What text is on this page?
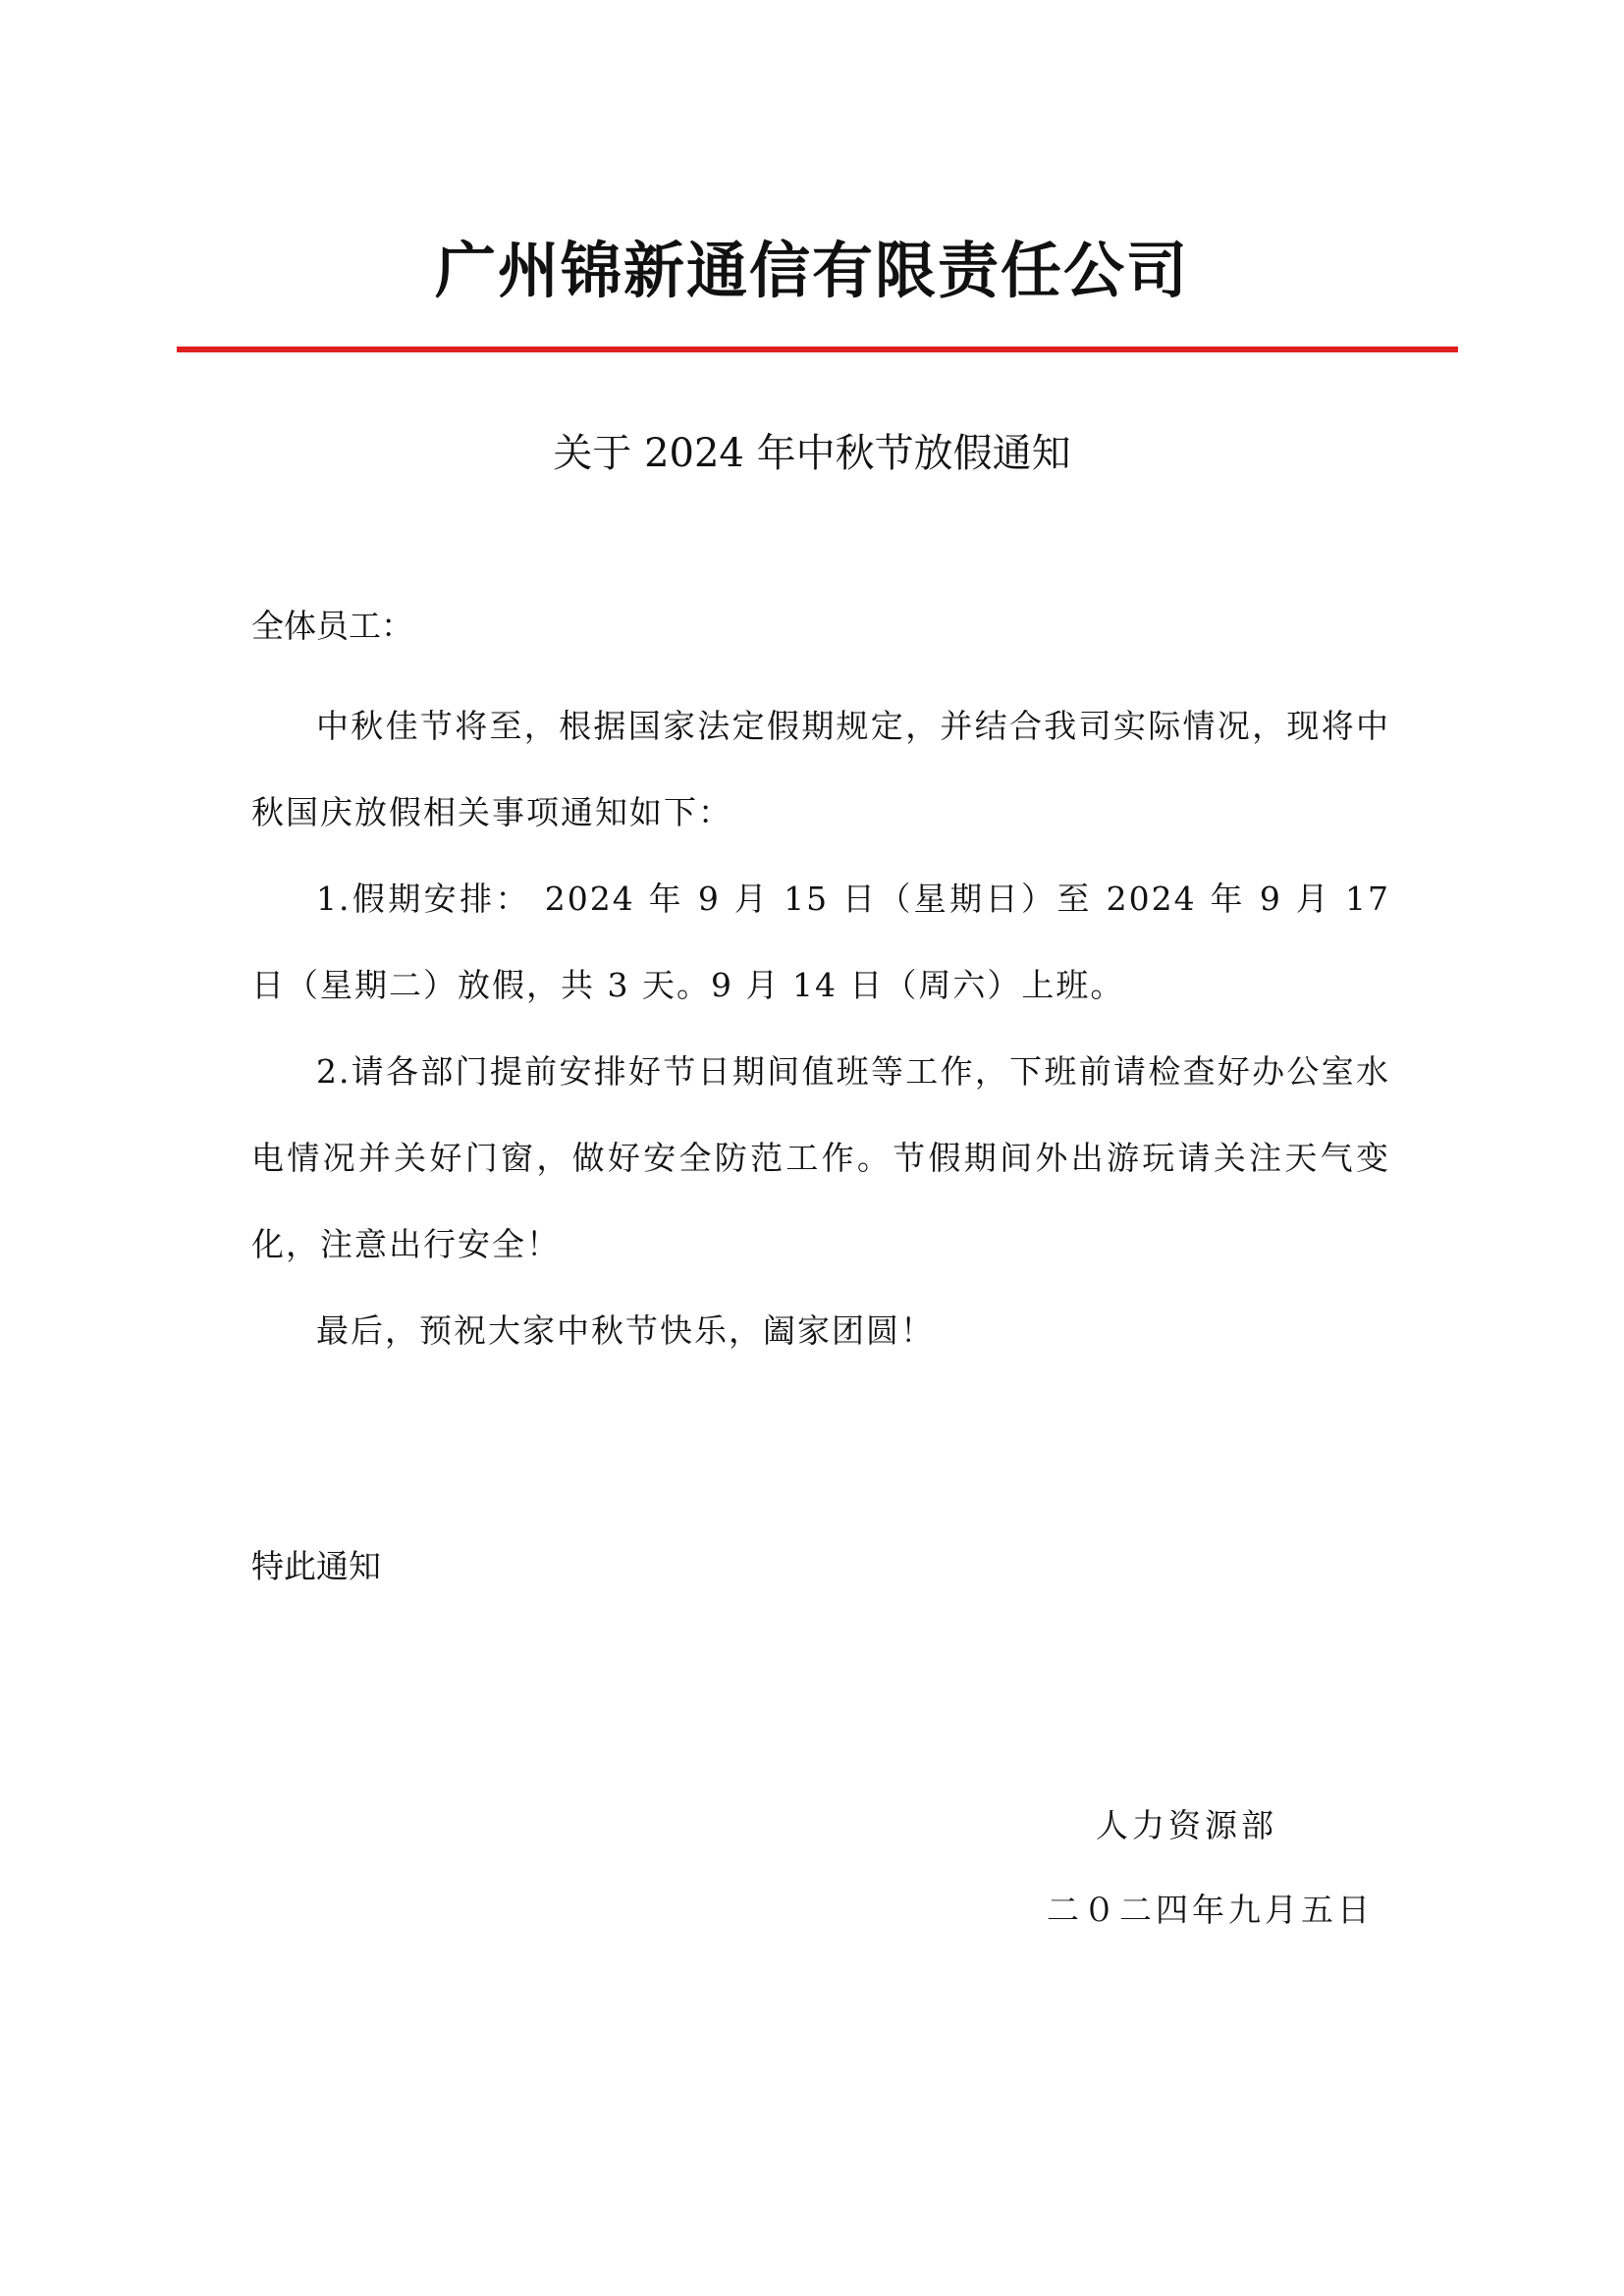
广州锦新通信有限责任公司
关于 2024 年中秋节放假通知
全体员工：

中秋佳节将至，根据国家法定假期规定，并结合我司实际情况，现将中秋国庆放假相关事项通知如下：

1.假期安排： 2024 年 9 月 15 日（星期日）至 2024 年 9 月 17 日（星期二）放假，共 3 天。9 月 14 日（周六）上班。

2.请各部门提前安排好节日期间值班等工作，下班前请检查好办公室水电情况并关好门窗，做好安全防范工作。节假期间外出游玩请关注天气变化，注意出行安全！

最后，预祝大家中秋节快乐，阖家团圆！

特此通知
人力资源部
二０二四年九月五日
